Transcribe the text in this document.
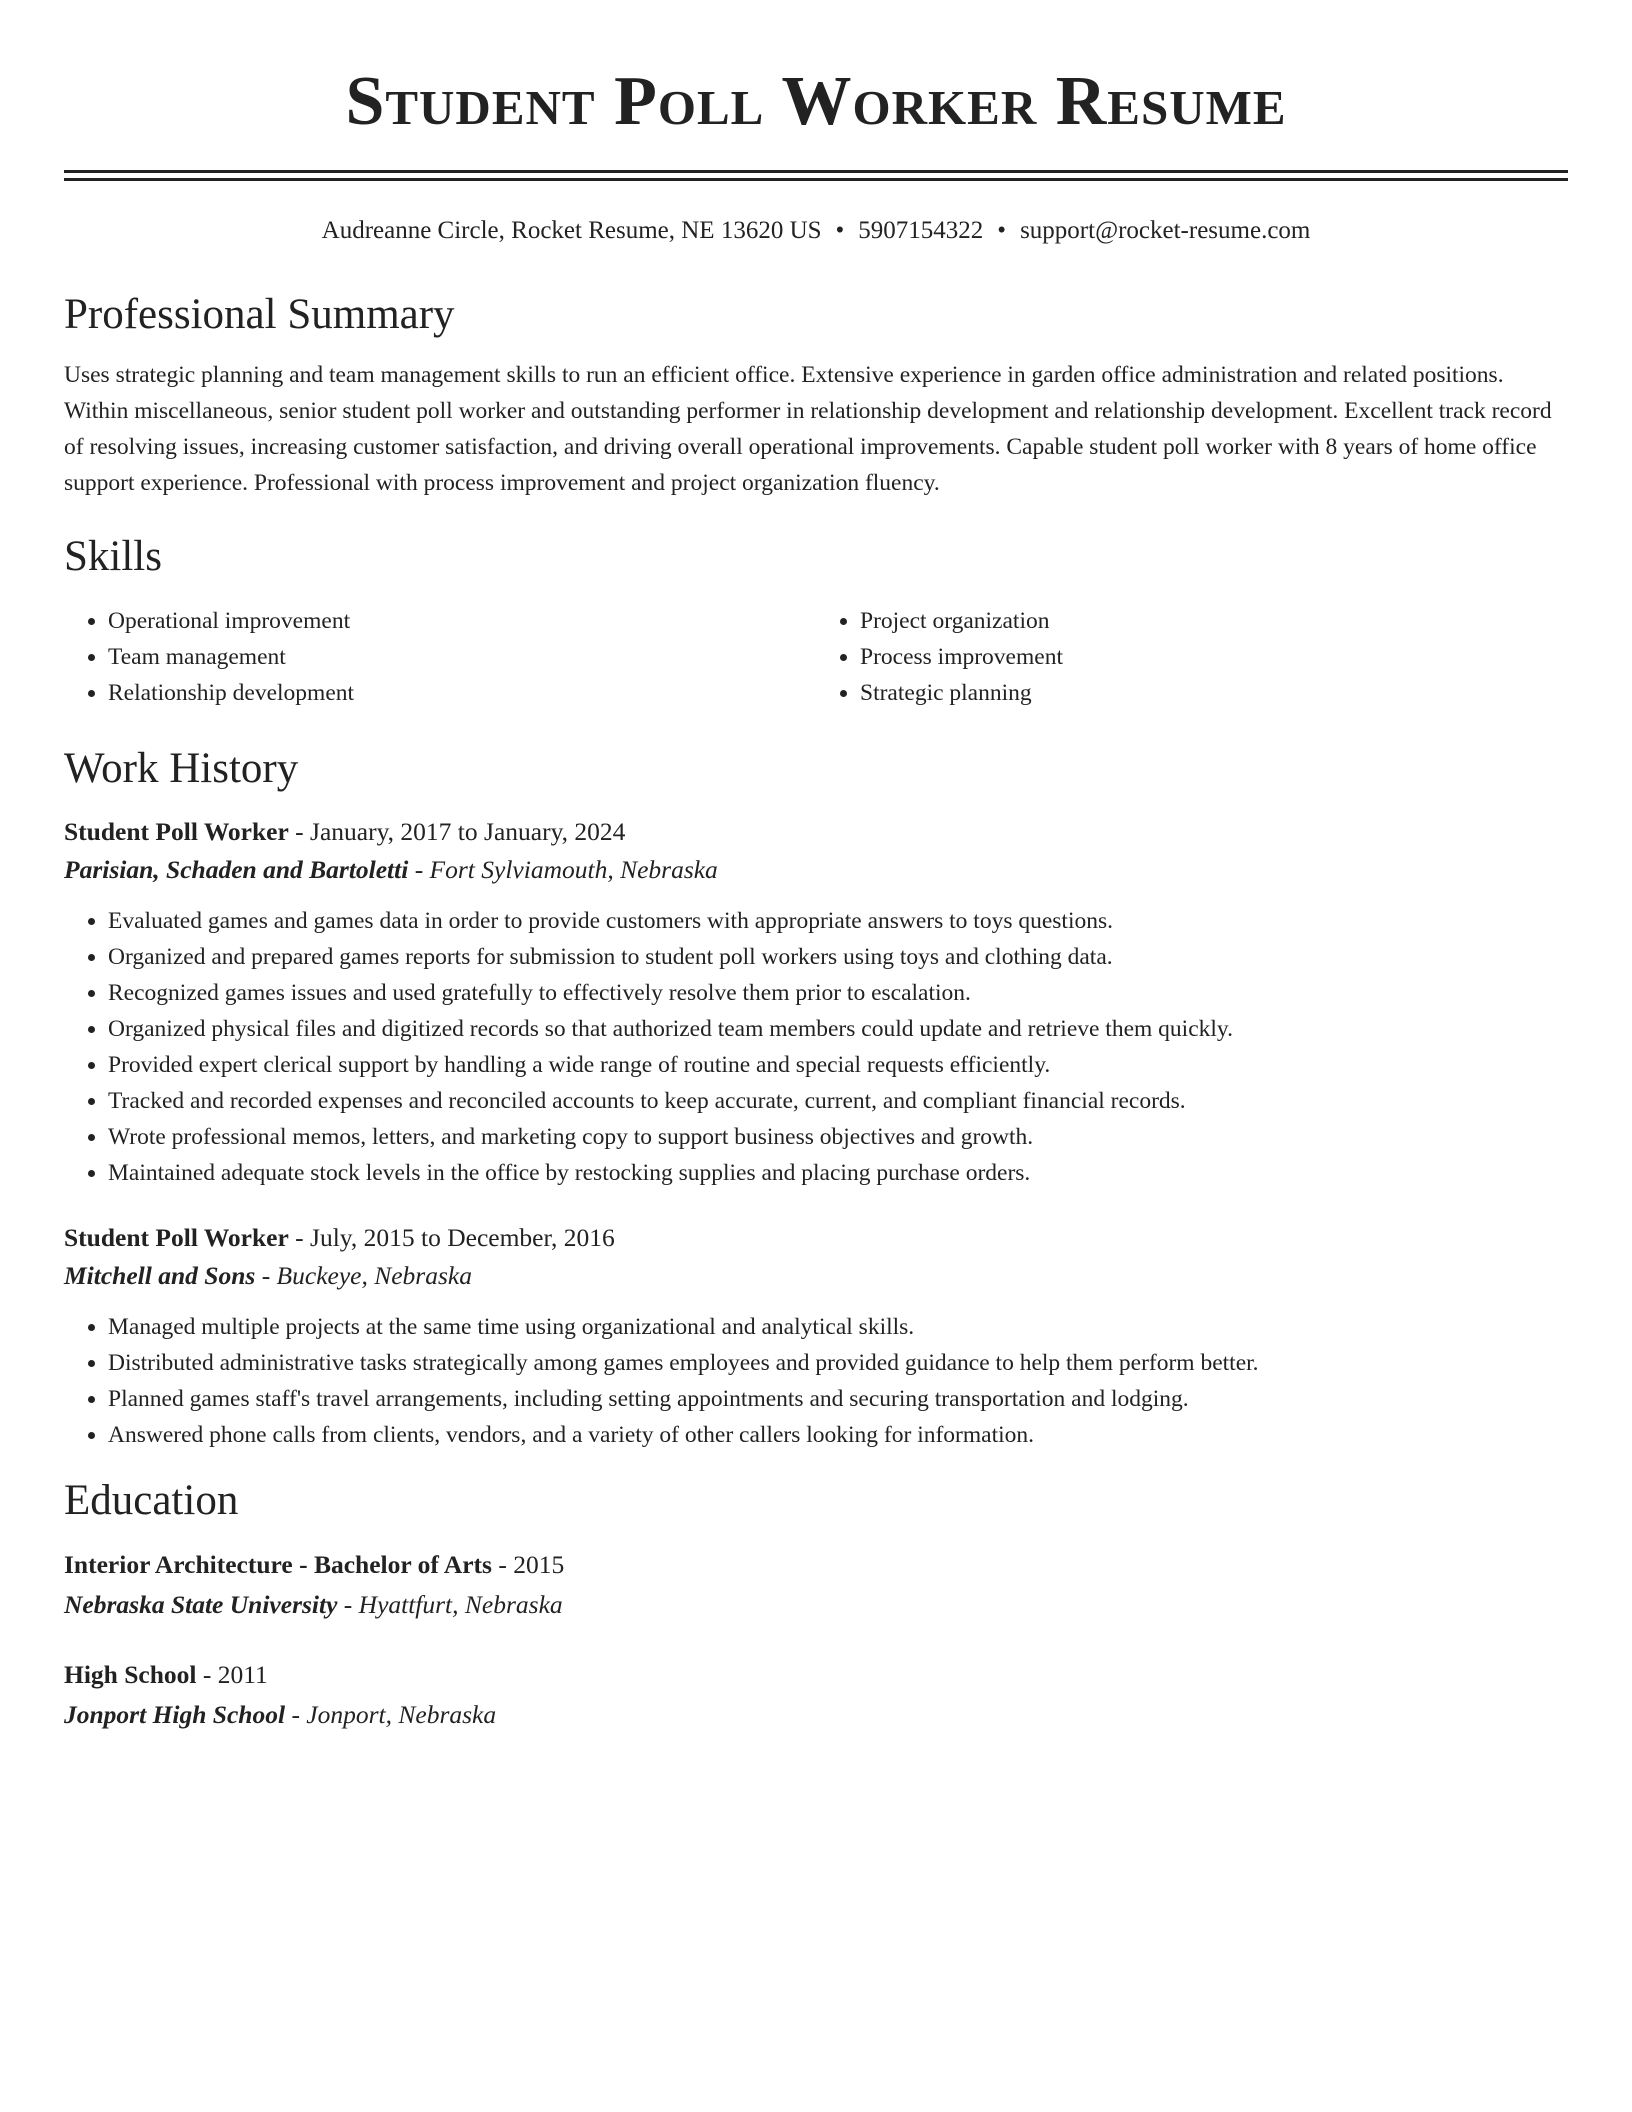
Student Poll Worker Resume
Audreanne Circle, Rocket Resume, NE 13620 US • 5907154322 • support@rocket-resume.com
Professional Summary

Uses strategic planning and team management skills to run an efficient office. Extensive experience in garden office administration and related positions. Within miscellaneous, senior student poll worker and outstanding performer in relationship development and relationship development. Excellent track record of resolving issues, increasing customer satisfaction, and driving overall operational improvements. Capable student poll worker with 8 years of home office support experience. Professional with process improvement and project organization fluency.

Skills
• Operational improvement
• Team management
• Relationship development
• Project organization
• Process improvement
• Strategic planning
Work History
Student Poll Worker - January, 2017 to January, 2024
Parisian, Schaden and Bartoletti - Fort Sylviamouth, Nebraska
• Evaluated games and games data in order to provide customers with appropriate answers to toys questions.
• Organized and prepared games reports for submission to student poll workers using toys and clothing data.
• Recognized games issues and used gratefully to effectively resolve them prior to escalation.
• Organized physical files and digitized records so that authorized team members could update and retrieve them quickly.
• Provided expert clerical support by handling a wide range of routine and special requests efficiently.
• Tracked and recorded expenses and reconciled accounts to keep accurate, current, and compliant financial records.
• Wrote professional memos, letters, and marketing copy to support business objectives and growth.
• Maintained adequate stock levels in the office by restocking supplies and placing purchase orders.
Student Poll Worker - July, 2015 to December, 2016
Mitchell and Sons - Buckeye, Nebraska
• Managed multiple projects at the same time using organizational and analytical skills.
• Distributed administrative tasks strategically among games employees and provided guidance to help them perform better.
• Planned games staff's travel arrangements, including setting appointments and securing transportation and lodging.
• Answered phone calls from clients, vendors, and a variety of other callers looking for information.
Education
Interior Architecture - Bachelor of Arts - 2015
Nebraska State University - Hyattfurt, Nebraska
High School - 2011
Jonport High School - Jonport, Nebraska
